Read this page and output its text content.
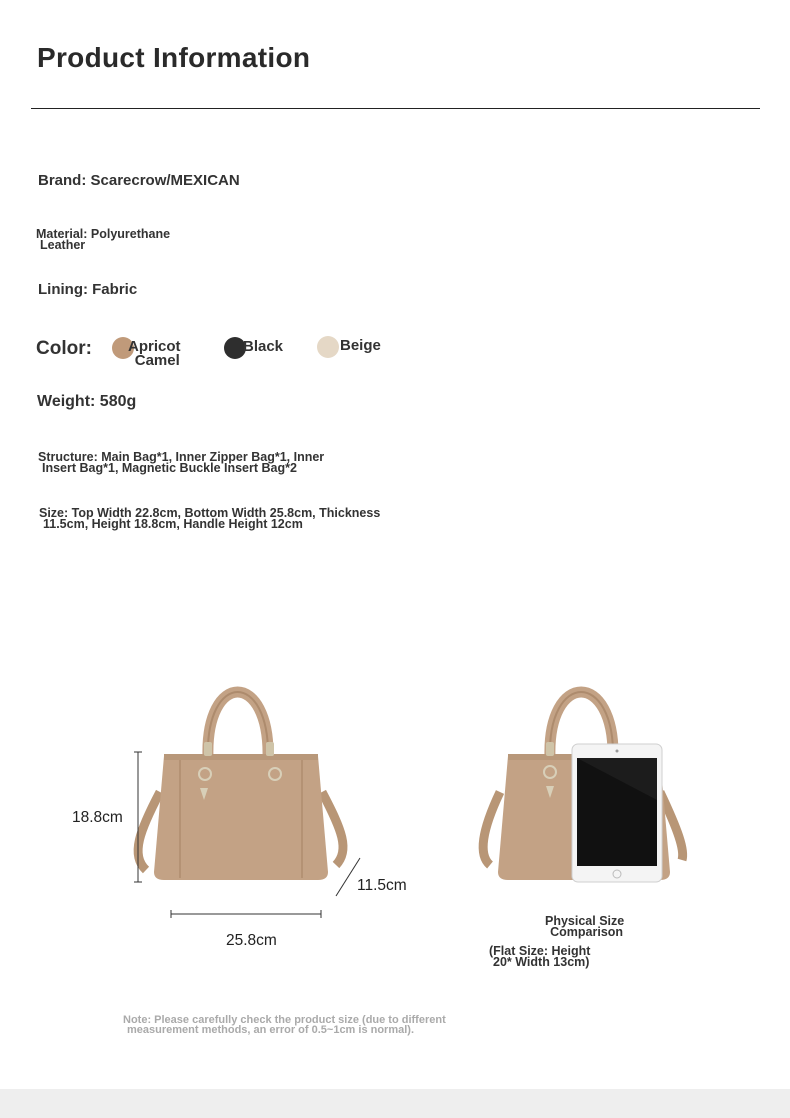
Product Information
Brand: Scarecrow/MEXICAN
Material: Polyurethane
Leather
Lining: Fabric
Color: Apricot
Camel
Black	Beige
Weight: 580g
Structure: Main Bag*1, Inner Zipper Bag*1, Inner
Insert Bag*1, Magnetic Buckle Insert Bag*2
Size: Top Width 22.8cm, Bottom Width 25.8cm, Thickness
11.5cm, Height 18.8cm, Handle Height 12cm
18.8cm
11.5cm
25.8cm
Physical Size
Comparison
(Flat Size: Height
20* Width 13cm)
Note: Please carefully check the product size (due to different
measurement methods, an error of 0.5~1cm is normal).
